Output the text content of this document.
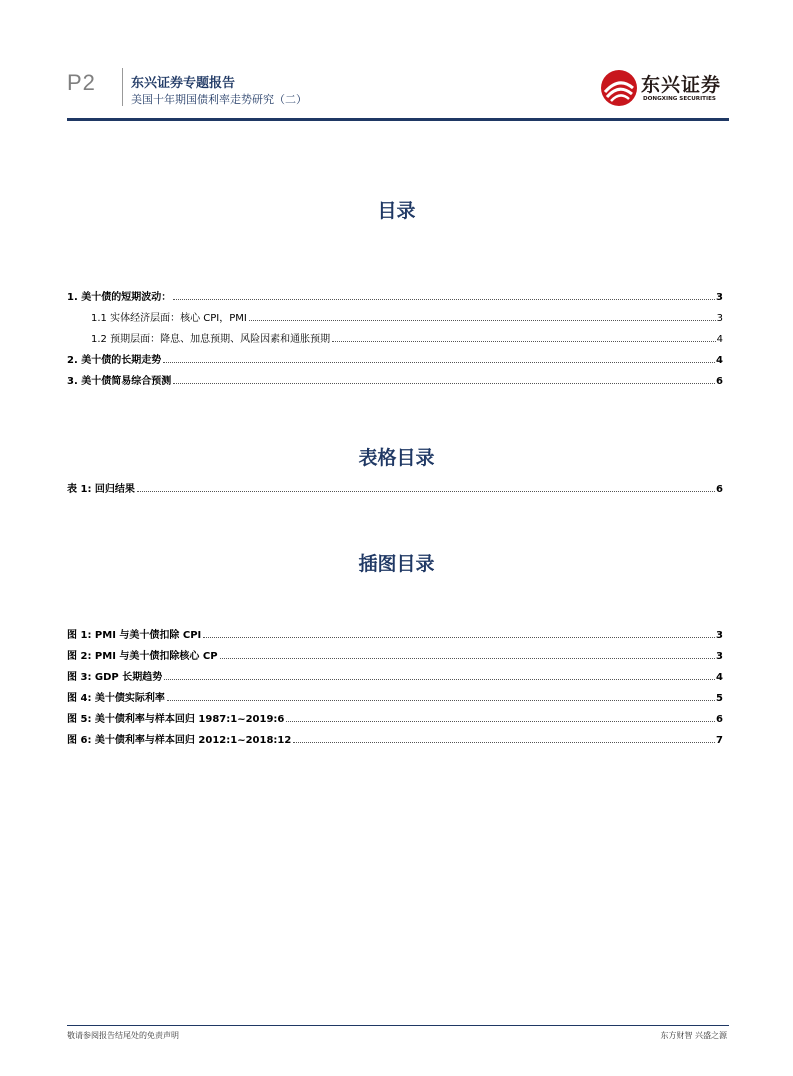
P2	东兴证券专题报告
美国十年期国债利率走势研究（二）
东兴证券
DONGXING SECURITIES
目录
1. 美十债的短期波动：	3
1.1 实体经济层面：核心 CPI，PMI	3
1.2 预期层面：降息、加息预期、风险因素和通胀预期	4
2. 美十债的长期走势	4
3. 美十债简易综合预测	6
表格目录
表 1: 回归结果	6
插图目录
图 1: PMI 与美十债扣除 CPI	3
图 2: PMI 与美十债扣除核心 CP	3
图 3: GDP 长期趋势	4
图 4: 美十债实际利率	5
图 5: 美十债利率与样本回归 1987:1~2019:6	6
图 6: 美十债利率与样本回归 2012:1~2018:12	7
敬请参阅报告结尾处的免责声明	东方财智 兴盛之源
